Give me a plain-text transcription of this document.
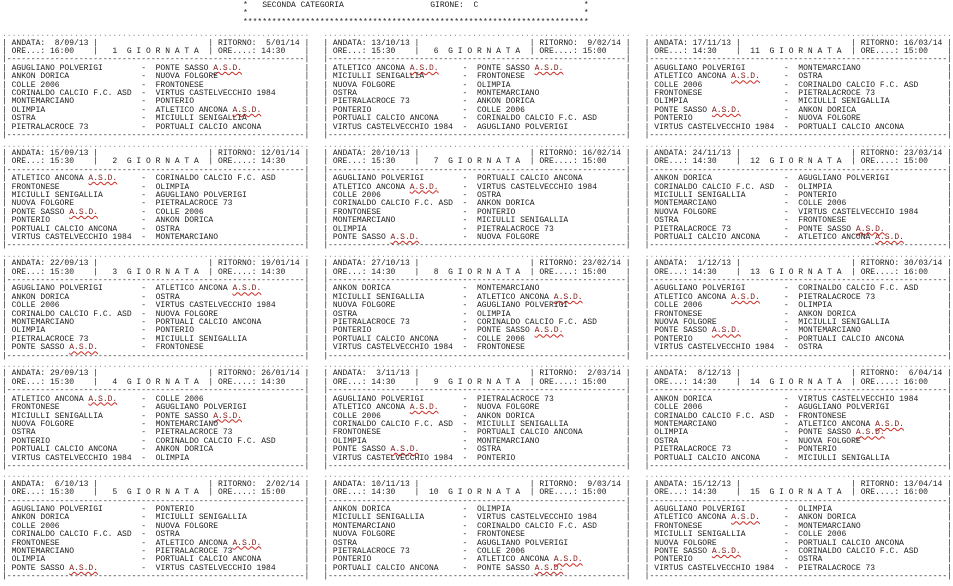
*   SECONDA CATEGORIA                  GIRONE:  C                      *
*                                                                      *
************************************************************************
................................................................
| ANDATA:  8/09/13 |                       | RITORNO:  5/01/14 |
| ORE...: 16:00    |   1  G I O R N A T A  | ORE....: 14:30    |
|--------------------------------------------------------------|
| AGUGLIANO POLVERIGI        -  PONTE SASSO A.S.D.             |
| ANKON DORICA               -  NUOVA FOLGORE                  |
| COLLE 2006                 -  FRONTONESE                     |
| CORINALDO CALCIO F.C. ASD  -  VIRTUS CASTELVECCHIO 1984      |
| MONTEMARCIANO              -  PONTERIO                       |
| OLIMPIA                    -  ATLETICO ANCONA A.S.D.         |
| OSTRA                      -  MICIULLI SENIGALLIA            |
| PIETRALACROCE 73           -  PORTUALI CALCIO ANCONA         |
|--------------------------------------------------------------|
................................................................
| ANDATA: 15/09/13 |                       | RITORNO: 12/01/14 |
| ORE...: 15:30    |   2  G I O R N A T A  | ORE....: 14:30    |
|--------------------------------------------------------------|
| ATLETICO ANCONA A.S.D.     -  CORINALDO CALCIO F.C. ASD      |
| FRONTONESE                 -  OLIMPIA                        |
| MICIULLI SENIGALLIA        -  AGUGLIANO POLVERIGI            |
| NUOVA FOLGORE              -  PIETRALACROCE 73               |
| PONTE SASSO A.S.D.         -  COLLE 2006                     |
| PONTERIO                   -  ANKON DORICA                   |
| PORTUALI CALCIO ANCONA     -  OSTRA                          |
| VIRTUS CASTELVECCHIO 1984  -  MONTEMARCIANO                  |
|--------------------------------------------------------------|
................................................................
| ANDATA: 22/09/13 |                       | RITORNO: 19/01/14 |
| ORE...: 15:30    |   3  G I O R N A T A  | ORE....: 14:30    |
|--------------------------------------------------------------|
| AGUGLIANO POLVERIGI        -  ATLETICO ANCONA A.S.D.         |
| ANKON DORICA               -  OSTRA                          |
| COLLE 2006                 -  VIRTUS CASTELVECCHIO 1984      |
| CORINALDO CALCIO F.C. ASD  -  NUOVA FOLGORE                  |
| MONTEMARCIANO              -  PORTUALI CALCIO ANCONA         |
| OLIMPIA                    -  PONTERIO                       |
| PIETRALACROCE 73           -  MICIULLI SENIGALLIA            |
| PONTE SASSO A.S.D.         -  FRONTONESE                     |
|--------------------------------------------------------------|
................................................................
| ANDATA: 29/09/13 |                       | RITORNO: 26/01/14 |
| ORE...: 15:30    |   4  G I O R N A T A  | ORE....: 14:30    |
|--------------------------------------------------------------|
| ATLETICO ANCONA A.S.D.     -  COLLE 2006                     |
| FRONTONESE                 -  AGUGLIANO POLVERIGI            |
| MICIULLI SENIGALLIA        -  PONTE SASSO A.S.D.             |
| NUOVA FOLGORE              -  MONTEMARCIANO                  |
| OSTRA                      -  PIETRALACROCE 73               |
| PONTERIO                   -  CORINALDO CALCIO F.C. ASD      |
| PORTUALI CALCIO ANCONA     -  ANKON DORICA                   |
| VIRTUS CASTELVECCHIO 1984  -  OLIMPIA                        |
|--------------------------------------------------------------|
................................................................
| ANDATA:  6/10/13 |                       | RITORNO:  2/02/14 |
| ORE...: 15:30    |   5  G I O R N A T A  | ORE....: 15:00    |
|--------------------------------------------------------------|
| AGUGLIANO POLVERIGI        -  PONTERIO                       |
| ANKON DORICA               -  MICIULLI SENIGALLIA            |
| COLLE 2006                 -  NUOVA FOLGORE                  |
| CORINALDO CALCIO F.C. ASD  -  OSTRA                          |
| FRONTONESE                 -  ATLETICO ANCONA A.S.D.         |
| MONTEMARCIANO              -  PIETRALACROCE 73               |
| OLIMPIA                    -  PORTUALI CALCIO ANCONA         |
| PONTE SASSO A.S.D.         -  VIRTUS CASTELVECCHIO 1984      |
|--------------------------------------------------------------|
................................................................
| ANDATA: 13/10/13 |                       | RITORNO:  9/02/14 |
| ORE...: 15:30    |   6  G I O R N A T A  | ORE....: 15:00    |
|--------------------------------------------------------------|
| ATLETICO ANCONA A.S.D.     -  PONTE SASSO A.S.D.             |
| MICIULLI SENIGALLIA        -  FRONTONESE                     |
| NUOVA FOLGORE              -  OLIMPIA                        |
| OSTRA                      -  MONTEMARCIANO                  |
| PIETRALACROCE 73           -  ANKON DORICA                   |
| PONTERIO                   -  COLLE 2006                     |
| PORTUALI CALCIO ANCONA     -  CORINALDO CALCIO F.C. ASD      |
| VIRTUS CASTELVECCHIO 1984  -  AGUGLIANO POLVERIGI            |
|--------------------------------------------------------------|
................................................................
| ANDATA: 20/10/13 |                       | RITORNO: 16/02/14 |
| ORE...: 15:30    |   7  G I O R N A T A  | ORE....: 15:00    |
|--------------------------------------------------------------|
| AGUGLIANO POLVERIGI        -  PORTUALI CALCIO ANCONA         |
| ATLETICO ANCONA A.S.D.     -  VIRTUS CASTELVECCHIO 1984      |
| COLLE 2006                 -  OSTRA                          |
| CORINALDO CALCIO F.C. ASD  -  ANKON DORICA                   |
| FRONTONESE                 -  PONTERIO                       |
| MONTEMARCIANO              -  MICIULLI SENIGALLIA            |
| OLIMPIA                    -  PIETRALACROCE 73               |
| PONTE SASSO A.S.D.         -  NUOVA FOLGORE                  |
|--------------------------------------------------------------|
................................................................
| ANDATA: 27/10/13 |                       | RITORNO: 23/02/14 |
| ORE...: 14:30    |   8  G I O R N A T A  | ORE....: 15:00    |
|--------------------------------------------------------------|
| ANKON DORICA               -  MONTEMARCIANO                  |
| MICIULLI SENIGALLIA        -  ATLETICO ANCONA A.S.D.         |
| NUOVA FOLGORE              -  AGUGLIANO POLVERIGI            |
| OSTRA                      -  OLIMPIA                        |
| PIETRALACROCE 73           -  CORINALDO CALCIO F.C. ASD      |
| PONTERIO                   -  PONTE SASSO A.S.D.             |
| PORTUALI CALCIO ANCONA     -  COLLE 2006                     |
| VIRTUS CASTELVECCHIO 1984  -  FRONTONESE                     |
|--------------------------------------------------------------|
................................................................
| ANDATA:  3/11/13 |                       | RITORNO:  2/03/14 |
| ORE...: 14:30    |   9  G I O R N A T A  | ORE....: 15:00    |
|--------------------------------------------------------------|
| AGUGLIANO POLVERIGI        -  PIETRALACROCE 73               |
| ATLETICO ANCONA A.S.D.     -  NUOVA FOLGORE                  |
| COLLE 2006                 -  ANKON DORICA                   |
| CORINALDO CALCIO F.C. ASD  -  MICIULLI SENIGALLIA            |
| FRONTONESE                 -  PORTUALI CALCIO ANCONA         |
| OLIMPIA                    -  MONTEMARCIANO                  |
| PONTE SASSO A.S.D.         -  OSTRA                          |
| VIRTUS CASTELVECCHIO 1984  -  PONTERIO                       |
|--------------------------------------------------------------|
................................................................
| ANDATA: 10/11/13 |                       | RITORNO:  9/03/14 |
| ORE...: 14:30    |  10  G I O R N A T A  | ORE....: 15:00    |
|--------------------------------------------------------------|
| ANKON DORICA               -  OLIMPIA                        |
| MICIULLI SENIGALLIA        -  VIRTUS CASTELVECCHIO 1984      |
| MONTEMARCIANO              -  CORINALDO CALCIO F.C. ASD      |
| NUOVA FOLGORE              -  FRONTONESE                     |
| OSTRA                      -  AGUGLIANO POLVERIGI            |
| PIETRALACROCE 73           -  COLLE 2006                     |
| PONTERIO                   -  ATLETICO ANCONA A.S.D.         |
| PORTUALI CALCIO ANCONA     -  PONTE SASSO A.S.D.             |
|--------------------------------------------------------------|
................................................................
| ANDATA: 17/11/13 |                       | RITORNO: 16/03/14 |
| ORE...: 14:30    |  11  G I O R N A T A  | ORE....: 15:00    |
|--------------------------------------------------------------|
| AGUGLIANO POLVERIGI        -  MONTEMARCIANO                  |
| ATLETICO ANCONA A.S.D.     -  OSTRA                          |
| COLLE 2006                 -  CORINALDO CALCIO F.C. ASD      |
| FRONTONESE                 -  PIETRALACROCE 73               |
| OLIMPIA                    -  MICIULLI SENIGALLIA            |
| PONTE SASSO A.S.D.         -  ANKON DORICA                   |
| PONTERIO                   -  NUOVA FOLGORE                  |
| VIRTUS CASTELVECCHIO 1984  -  PORTUALI CALCIO ANCONA         |
|--------------------------------------------------------------|
................................................................
| ANDATA: 24/11/13 |                       | RITORNO: 23/03/14 |
| ORE...: 14:30    |  12  G I O R N A T A  | ORE....: 15:00    |
|--------------------------------------------------------------|
| ANKON DORICA               -  AGUGLIANO POLVERIGI            |
| CORINALDO CALCIO F.C. ASD  -  OLIMPIA                        |
| MICIULLI SENIGALLIA        -  PONTERIO                       |
| MONTEMARCIANO              -  COLLE 2006                     |
| NUOVA FOLGORE              -  VIRTUS CASTELVECCHIO 1984      |
| OSTRA                      -  FRONTONESE                     |
| PIETRALACROCE 73           -  PONTE SASSO A.S.D.             |
| PORTUALI CALCIO ANCONA     -  ATLETICO ANCONA A.S.D.         |
|--------------------------------------------------------------|
................................................................
| ANDATA:  1/12/13 |                       | RITORNO: 30/03/14 |
| ORE...: 14:30    |  13  G I O R N A T A  | ORE....: 16:00    |
|--------------------------------------------------------------|
| AGUGLIANO POLVERIGI        -  CORINALDO CALCIO F.C. ASD      |
| ATLETICO ANCONA A.S.D.     -  PIETRALACROCE 73               |
| COLLE 2006                 -  OLIMPIA                        |
| FRONTONESE                 -  ANKON DORICA                   |
| NUOVA FOLGORE              -  MICIULLI SENIGALLIA            |
| PONTE SASSO A.S.D.         -  MONTEMARCIANO                  |
| PONTERIO                   -  PORTUALI CALCIO ANCONA         |
| VIRTUS CASTELVECCHIO 1984  -  OSTRA                          |
|--------------------------------------------------------------|
................................................................
| ANDATA:  8/12/13 |                       | RITORNO:  6/04/14 |
| ORE...: 14:30    |  14  G I O R N A T A  | ORE....: 16:00    |
|--------------------------------------------------------------|
| ANKON DORICA               -  VIRTUS CASTELVECCHIO 1984      |
| COLLE 2006                 -  AGUGLIANO POLVERIGI            |
| CORINALDO CALCIO F.C. ASD  -  FRONTONESE                     |
| MONTEMARCIANO              -  ATLETICO ANCONA A.S.D.         |
| OLIMPIA                    -  PONTE SASSO A.S.D.             |
| OSTRA                      -  NUOVA FOLGORE                  |
| PIETRALACROCE 73           -  PONTERIO                       |
| PORTUALI CALCIO ANCONA     -  MICIULLI SENIGALLIA            |
|--------------------------------------------------------------|
................................................................
| ANDATA: 15/12/13 |                       | RITORNO: 13/04/14 |
| ORE...: 14:30    |  15  G I O R N A T A  | ORE....: 16:00    |
|--------------------------------------------------------------|
| AGUGLIANO POLVERIGI        -  OLIMPIA                        |
| ATLETICO ANCONA A.S.D.     -  ANKON DORICA                   |
| FRONTONESE                 -  MONTEMARCIANO                  |
| MICIULLI SENIGALLIA        -  COLLE 2006                     |
| NUOVA FOLGORE              -  PORTUALI CALCIO ANCONA         |
| PONTE SASSO A.S.D.         -  CORINALDO CALCIO F.C. ASD      |
| PONTERIO                   -  OSTRA                          |
| VIRTUS CASTELVECCHIO 1984  -  PIETRALACROCE 73               |
|--------------------------------------------------------------|
